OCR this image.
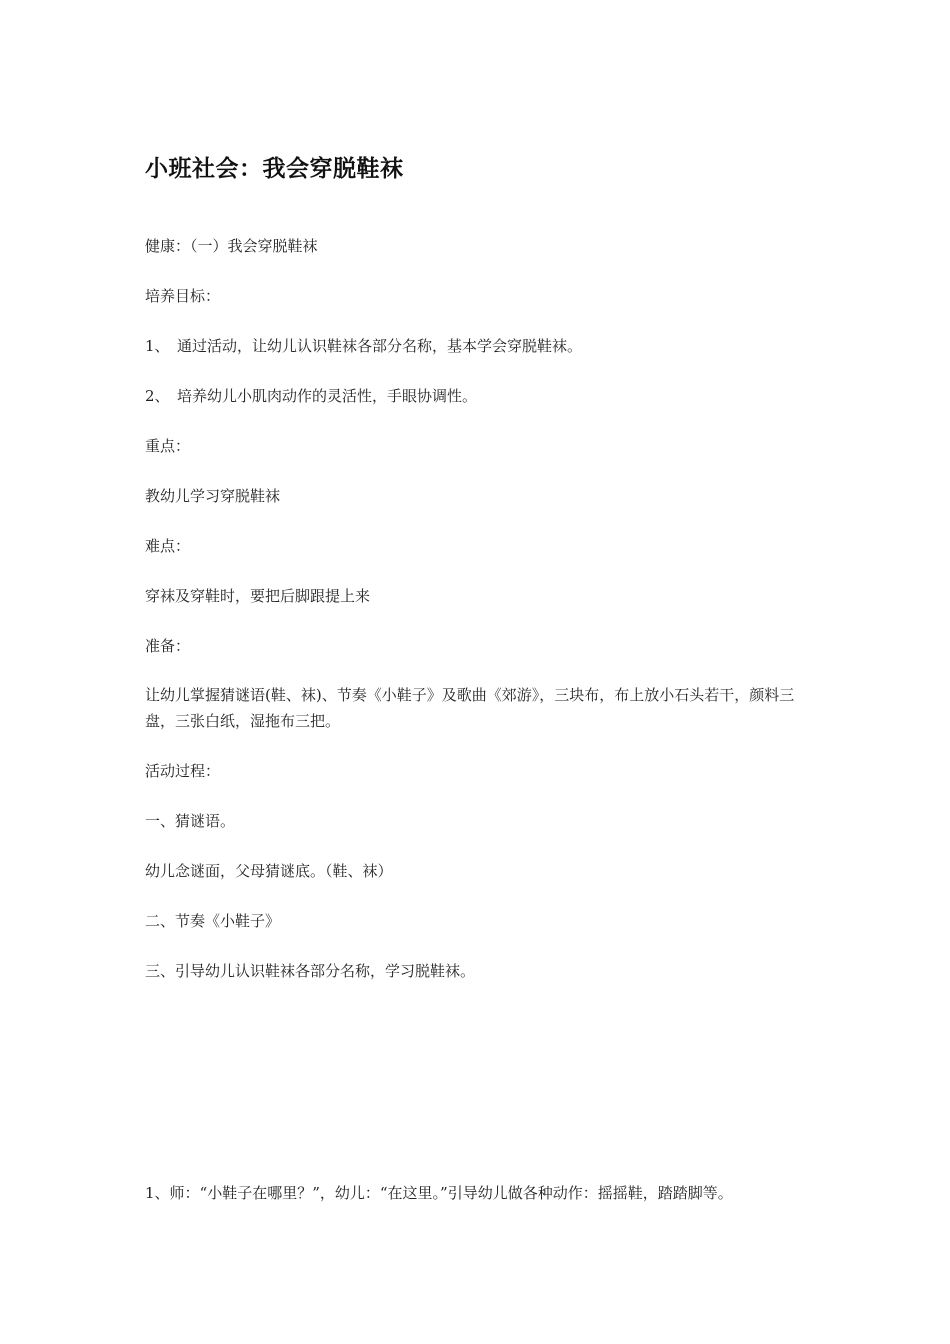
小班社会：我会穿脱鞋袜

健康：（一）我会穿脱鞋袜

培养目标：

1、 通过活动，让幼儿认识鞋袜各部分名称，基本学会穿脱鞋袜。

2、 培养幼儿小肌肉动作的灵活性，手眼协调性。

重点：

教幼儿学习穿脱鞋袜

难点：

穿袜及穿鞋时，要把后脚跟提上来

准备：

让幼儿掌握猜谜语(鞋、袜)、节奏《小鞋子》及歌曲《郊游》，三块布，布上放小石头若干，颜料三盘，三张白纸，湿拖布三把。

活动过程：

一、猜谜语。

幼儿念谜面，父母猜谜底。（鞋、袜）

二、节奏《小鞋子》

三、引导幼儿认识鞋袜各部分名称，学习脱鞋袜。

1、师：“小鞋子在哪里？”，幼儿：“在这里。”引导幼儿做各种动作：摇摇鞋，踏踏脚等。
